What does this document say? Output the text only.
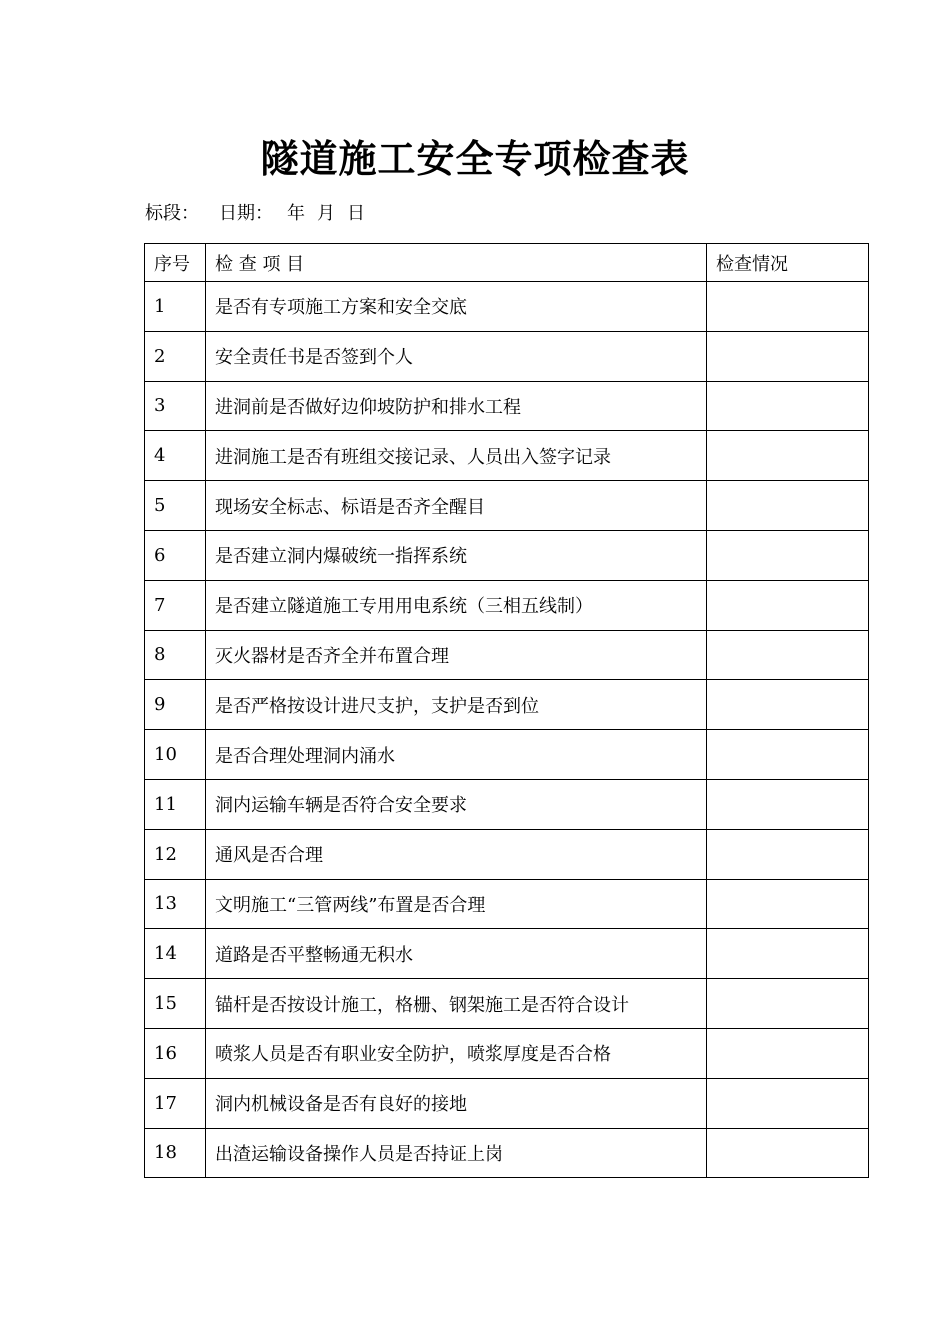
隧道施工安全专项检查表
标段： 日期： 年 月 日
序号	检 查 项 目	检查情况
1	是否有专项施工方案和安全交底	
2	安全责任书是否签到个人	
3	进洞前是否做好边仰坡防护和排水工程	
4	进洞施工是否有班组交接记录、人员出入签字记录	
5	现场安全标志、标语是否齐全醒目	
6	是否建立洞内爆破统一指挥系统	
7	是否建立隧道施工专用用电系统（三相五线制）	
8	灭火器材是否齐全并布置合理	
9	是否严格按设计进尺支护，支护是否到位	
10	是否合理处理洞内涌水	
11	洞内运输车辆是否符合安全要求	
12	通风是否合理	
13	文明施工“三管两线”布置是否合理	
14	道路是否平整畅通无积水	
15	锚杆是否按设计施工，格栅、钢架施工是否符合设计	
16	喷浆人员是否有职业安全防护，喷浆厚度是否合格	
17	洞内机械设备是否有良好的接地	
18	出渣运输设备操作人员是否持证上岗	
